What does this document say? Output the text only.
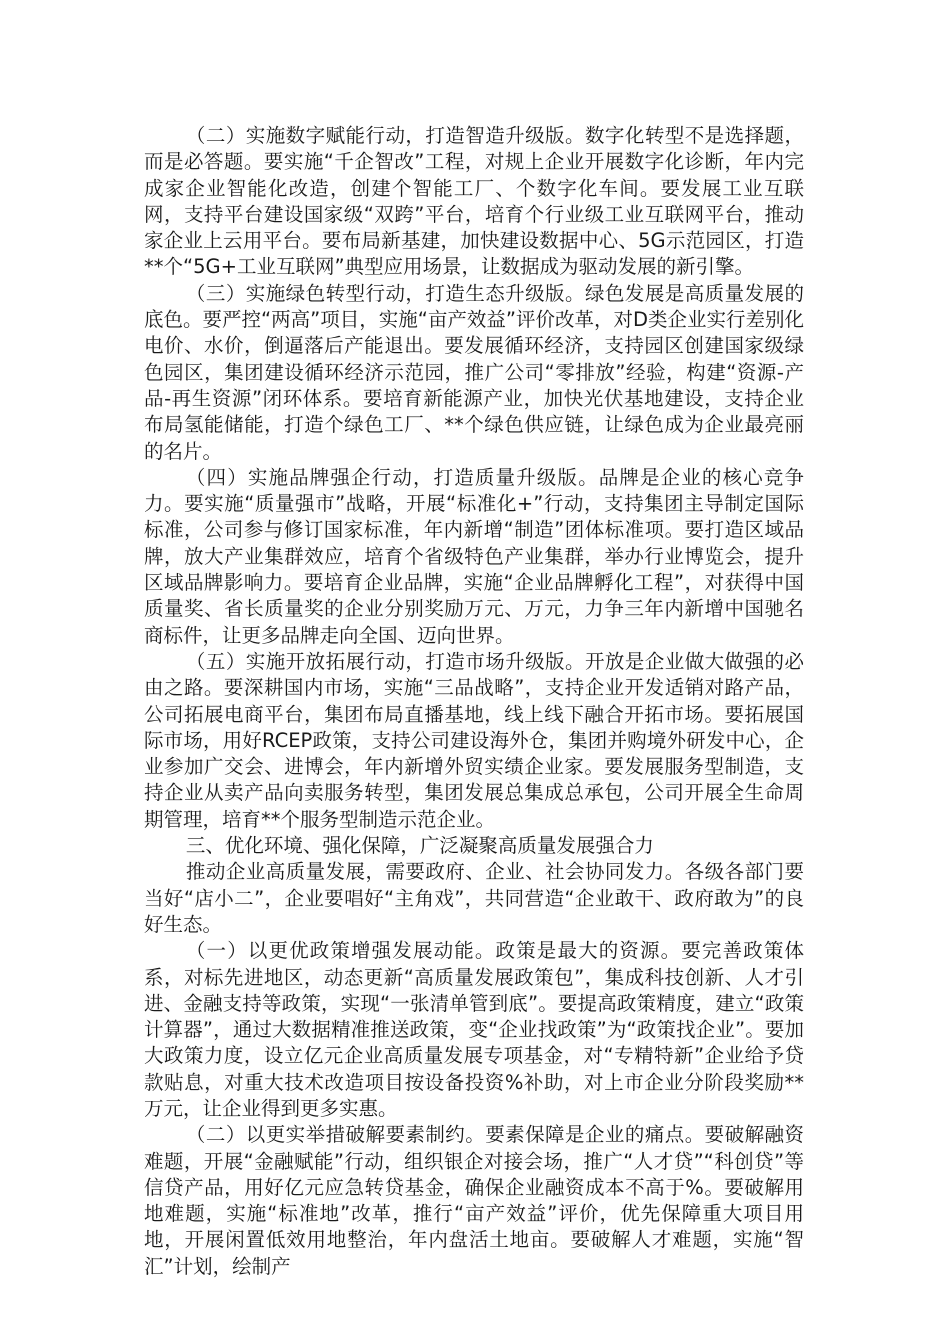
（二）实施数字赋能行动，打造智造升级版。数字化转型不是选择题，而是必答题。要实施“千企智改”工程，对规上企业开展数字化诊断，年内完成家企业智能化改造，创建个智能工厂、个数字化车间。要发展工业互联网，支持平台建设国家级“双跨”平台，培育个行业级工业互联网平台，推动家企业上云用平台。要布局新基建，加快建设数据中心、5G示范园区，打造**个“5G+工业互联网”典型应用场景，让数据成为驱动发展的新引擎。

（三）实施绿色转型行动，打造生态升级版。绿色发展是高质量发展的底色。要严控“两高”项目，实施“亩产效益”评价改革，对D类企业实行差别化电价、水价，倒逼落后产能退出。要发展循环经济，支持园区创建国家级绿色园区，集团建设循环经济示范园，推广公司“零排放”经验，构建“资源-产品-再生资源”闭环体系。要培育新能源产业，加快光伏基地建设，支持企业布局氢能储能，打造个绿色工厂、**个绿色供应链，让绿色成为企业最亮丽的名片。

（四）实施品牌强企行动，打造质量升级版。品牌是企业的核心竞争力。要实施“质量强市”战略，开展“标准化+”行动，支持集团主导制定国际标准，公司参与修订国家标准，年内新增“制造”团体标准项。要打造区域品牌，放大产业集群效应，培育个省级特色产业集群，举办行业博览会，提升区域品牌影响力。要培育企业品牌，实施“企业品牌孵化工程”，对获得中国质量奖、省长质量奖的企业分别奖励万元、万元，力争三年内新增中国驰名商标件，让更多品牌走向全国、迈向世界。

（五）实施开放拓展行动，打造市场升级版。开放是企业做大做强的必由之路。要深耕国内市场，实施“三品战略”，支持企业开发适销对路产品，公司拓展电商平台，集团布局直播基地，线上线下融合开拓市场。要拓展国际市场，用好RCEP政策，支持公司建设海外仓，集团并购境外研发中心，企业参加广交会、进博会，年内新增外贸实绩企业家。要发展服务型制造，支持企业从卖产品向卖服务转型，集团发展总集成总承包，公司开展全生命周期管理，培育**个服务型制造示范企业。

三、优化环境、强化保障，广泛凝聚高质量发展强合力

推动企业高质量发展，需要政府、企业、社会协同发力。各级各部门要当好“店小二”，企业要唱好“主角戏”，共同营造“企业敢干、政府敢为”的良好生态。

（一）以更优政策增强发展动能。政策是最大的资源。要完善政策体系，对标先进地区，动态更新“高质量发展政策包”，集成科技创新、人才引进、金融支持等政策，实现“一张清单管到底”。要提高政策精度，建立“政策计算器”，通过大数据精准推送政策，变“企业找政策”为“政策找企业”。要加大政策力度，设立亿元企业高质量发展专项基金，对“专精特新”企业给予贷款贴息，对重大技术改造项目按设备投资%补助，对上市企业分阶段奖励**万元，让企业得到更多实惠。

（二）以更实举措破解要素制约。要素保障是企业的痛点。要破解融资难题，开展“金融赋能”行动，组织银企对接会场，推广“人才贷”“科创贷”等信贷产品，用好亿元应急转贷基金，确保企业融资成本不高于%。要破解用地难题，实施“标准地”改革，推行“亩产效益”评价，优先保障重大项目用地，开展闲置低效用地整治，年内盘活土地亩。要破解人才难题，实施“智汇”计划，绘制产
